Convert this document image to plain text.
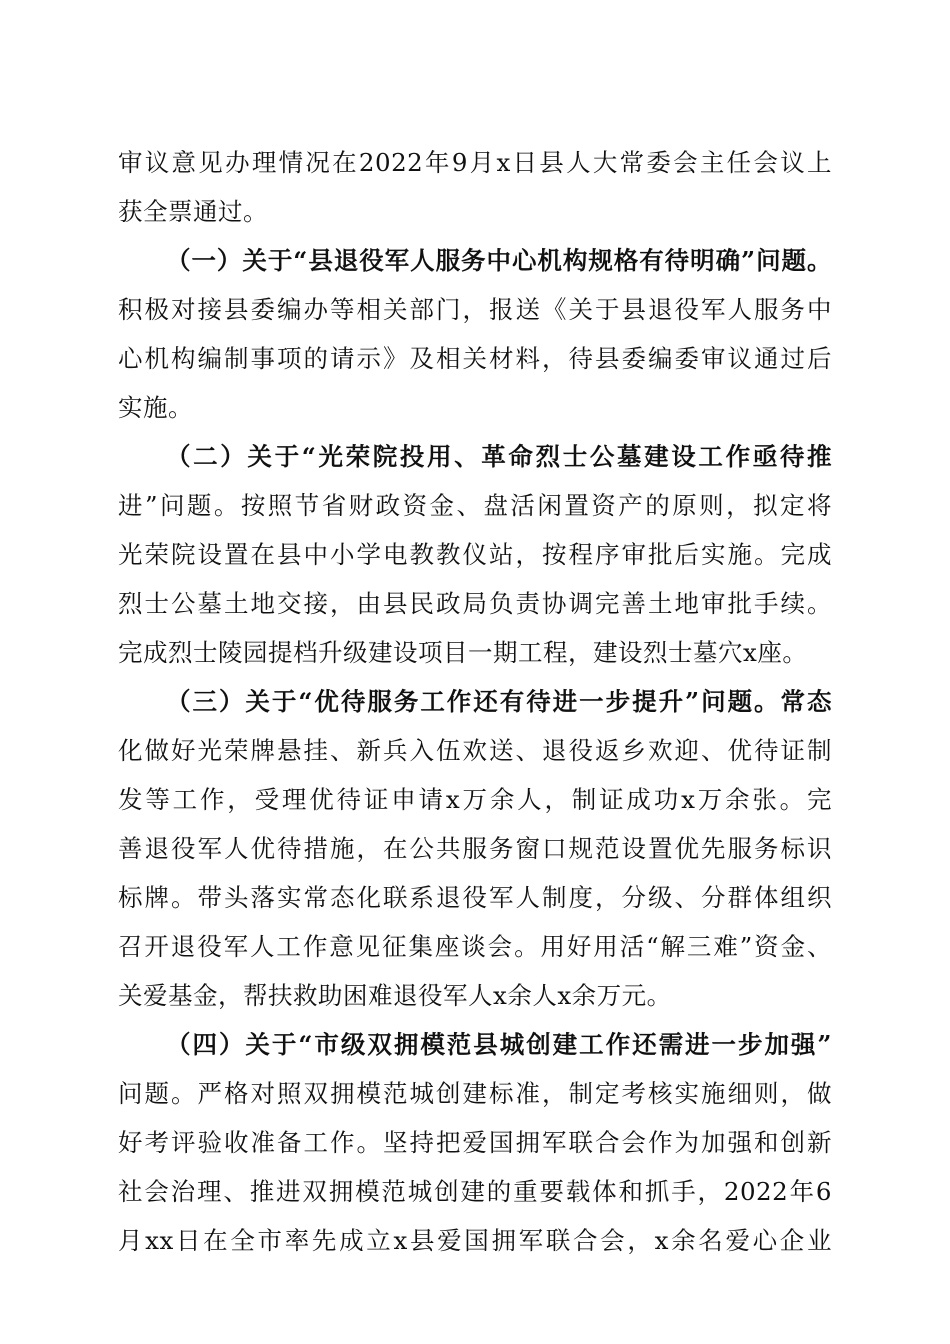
审议意见办理情况在2022年9月x日县人大常委会主任会议上
获全票通过。
（一）关于“县退役军人服务中心机构规格有待明确”问题。
积极对接县委编办等相关部门，报送《关于县退役军人服务中
心机构编制事项的请示》及相关材料，待县委编委审议通过后
实施。
（二）关于“光荣院投用、革命烈士公墓建设工作亟待推
进”问题。按照节省财政资金、盘活闲置资产的原则，拟定将
光荣院设置在县中小学电教教仪站，按程序审批后实施。完成
烈士公墓土地交接，由县民政局负责协调完善土地审批手续。
完成烈士陵园提档升级建设项目一期工程，建设烈士墓穴x座。
（三）关于“优待服务工作还有待进一步提升”问题。常态
化做好光荣牌悬挂、新兵入伍欢送、退役返乡欢迎、优待证制
发等工作，受理优待证申请x万余人，制证成功x万余张。完
善退役军人优待措施，在公共服务窗口规范设置优先服务标识
标牌。带头落实常态化联系退役军人制度，分级、分群体组织
召开退役军人工作意见征集座谈会。用好用活“解三难”资金、
关爱基金，帮扶救助困难退役军人x余人x余万元。
（四）关于“市级双拥模范县城创建工作还需进一步加强”
问题。严格对照双拥模范城创建标准，制定考核实施细则，做
好考评验收准备工作。坚持把爱国拥军联合会作为加强和创新
社会治理、推进双拥模范城创建的重要载体和抓手，2022年6
月xx日在全市率先成立x县爱国拥军联合会，x余名爱心企业
